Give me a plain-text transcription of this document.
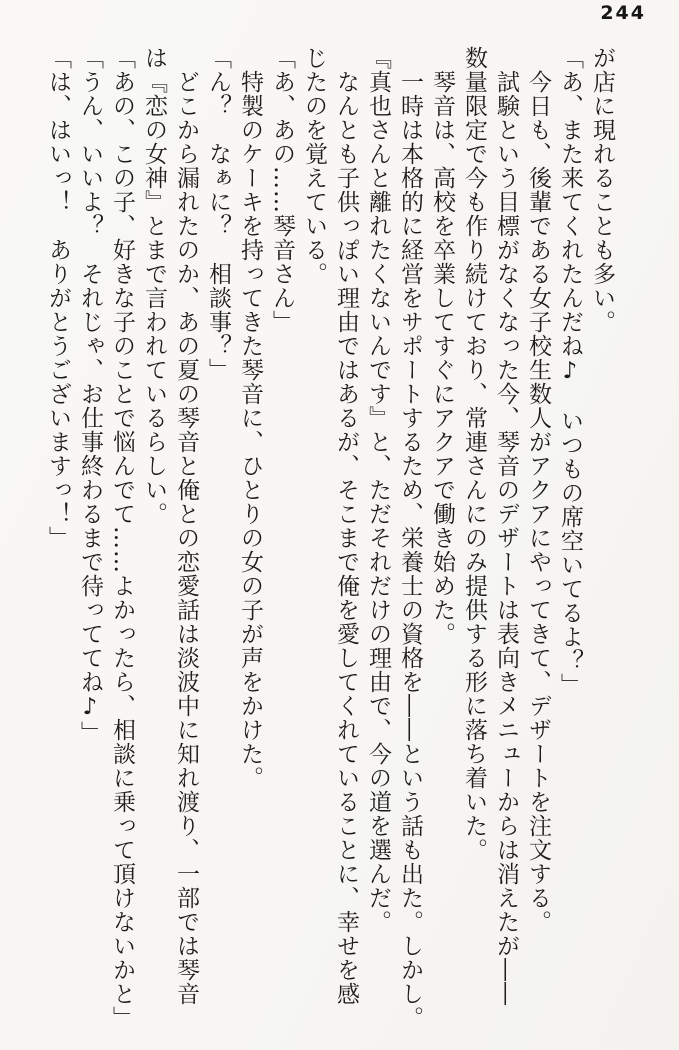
244

が店に現れることも多い。

「あ、また来てくれたんだね♪　いつもの席空いてるよ？」

　今日も、後輩である女子校生数人がアクアにやってきて、デザートを注文する。

　試験という目標がなくなった今、琴音のデザートは表向きメニューからは消えたが――

数量限定で今も作り続けており、常連さんにのみ提供する形に落ち着いた。

　琴音は、高校を卒業してすぐにアクアで働き始めた。

　一時は本格的に経営をサポートするため、栄養士の資格を――という話も出た。しかし。

『真也さんと離れたくないんです』と、ただそれだけの理由で、今の道を選んだ。

　なんとも子供っぽい理由ではあるが、そこまで俺を愛してくれていることに、幸せを感

じたのを覚えている。

「あ、あの……琴音さん」

　特製のケーキを持ってきた琴音に、ひとりの女の子が声をかけた。

「ん？　なぁに？　相談事？」

　どこから漏れたのか、あの夏の琴音と俺との恋愛話は淡波中に知れ渡り、一部では琴音

は『恋の女神』とまで言われているらしい。

「あの、この子、好きな子のことで悩んでて……よかったら、相談に乗って頂けないかと」

「うん、いいよ？　それじゃ、お仕事終わるまで待っててね♪」

「は、はいっ！　ありがとうございますっ！」
